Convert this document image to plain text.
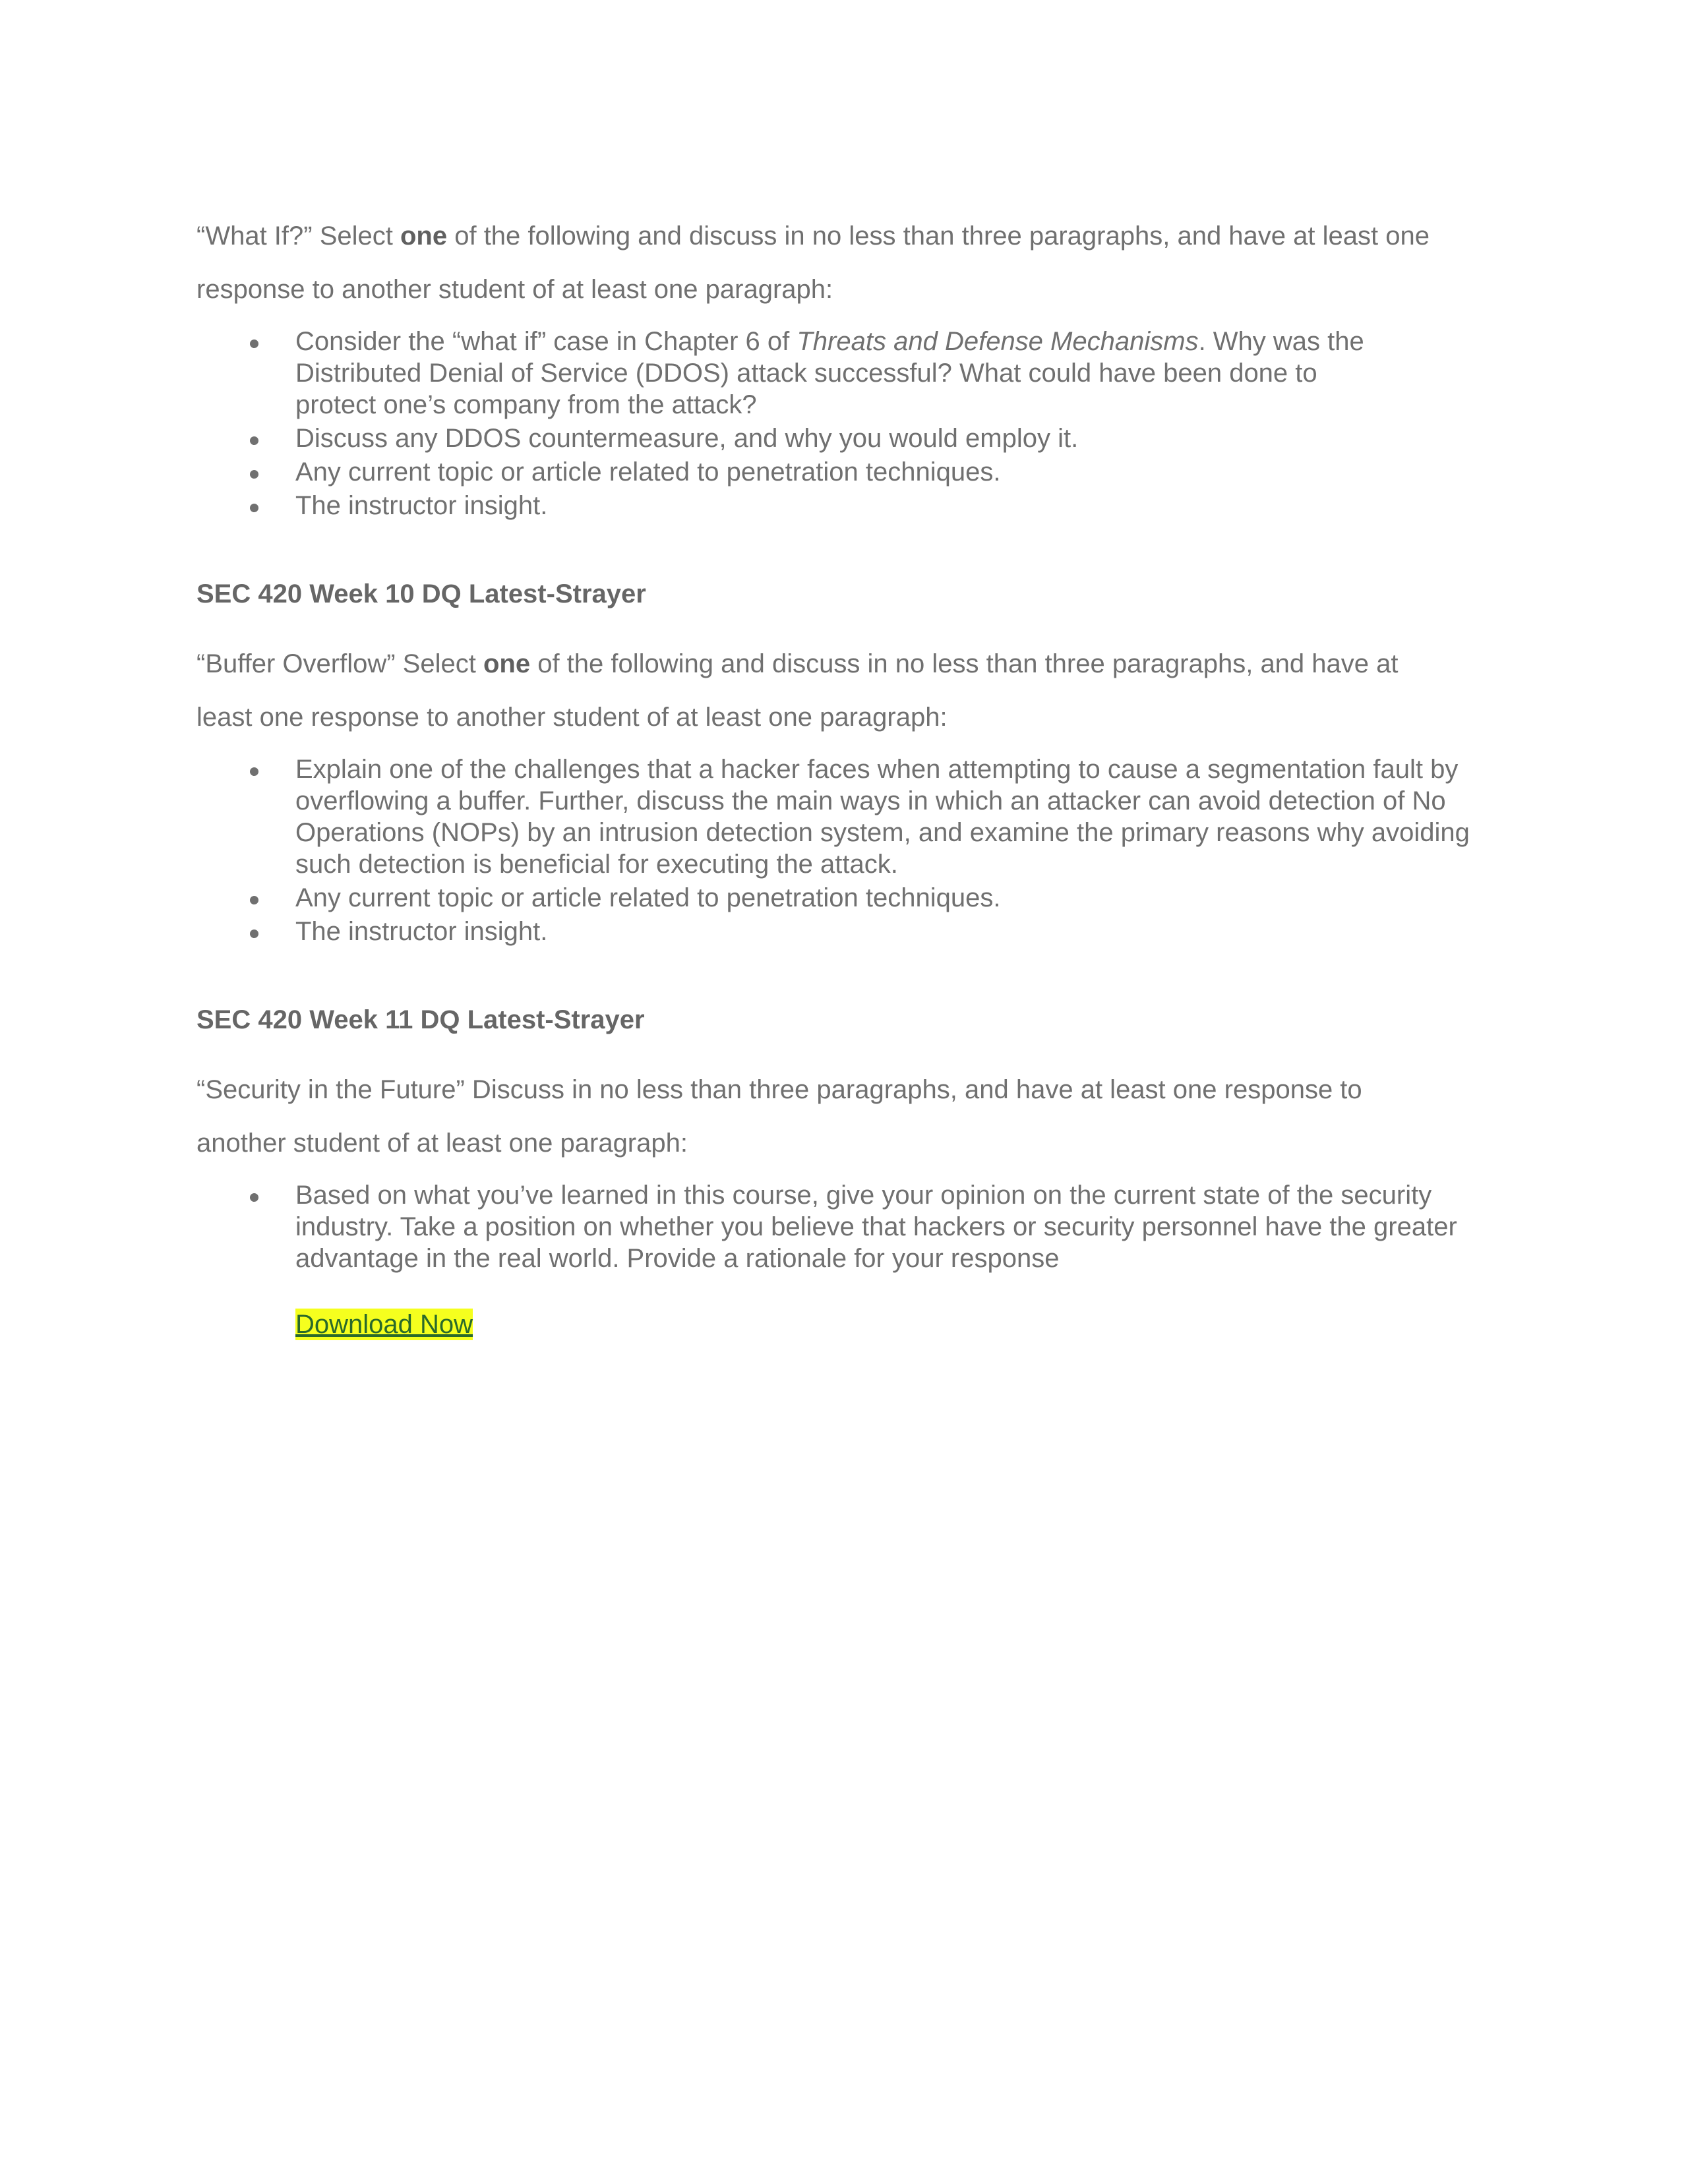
“What If?” Select one of the following and discuss in no less than three paragraphs, and have at least one response to another student of at least one paragraph:

Consider the “what if” case in Chapter 6 of Threats and Defense Mechanisms. Why was the Distributed Denial of Service (DDOS) attack successful? What could have been done to protect one’s company from the attack?
Discuss any DDOS countermeasure, and why you would employ it.
Any current topic or article related to penetration techniques.
The instructor insight.
SEC 420 Week 10 DQ Latest-Strayer

“Buffer Overflow” Select one of the following and discuss in no less than three paragraphs, and have at least one response to another student of at least one paragraph:

Explain one of the challenges that a hacker faces when attempting to cause a segmentation fault by overflowing a buffer. Further, discuss the main ways in which an attacker can avoid detection of No Operations (NOPs) by an intrusion detection system, and examine the primary reasons why avoiding such detection is beneficial for executing the attack.
Any current topic or article related to penetration techniques.
The instructor insight.
SEC 420 Week 11 DQ Latest-Strayer

“Security in the Future” Discuss in no less than three paragraphs, and have at least one response to another student of at least one paragraph:

Based on what you’ve learned in this course, give your opinion on the current state of the security industry. Take a position on whether you believe that hackers or security personnel have the greater advantage in the real world. Provide a rationale for your response
Download Now
